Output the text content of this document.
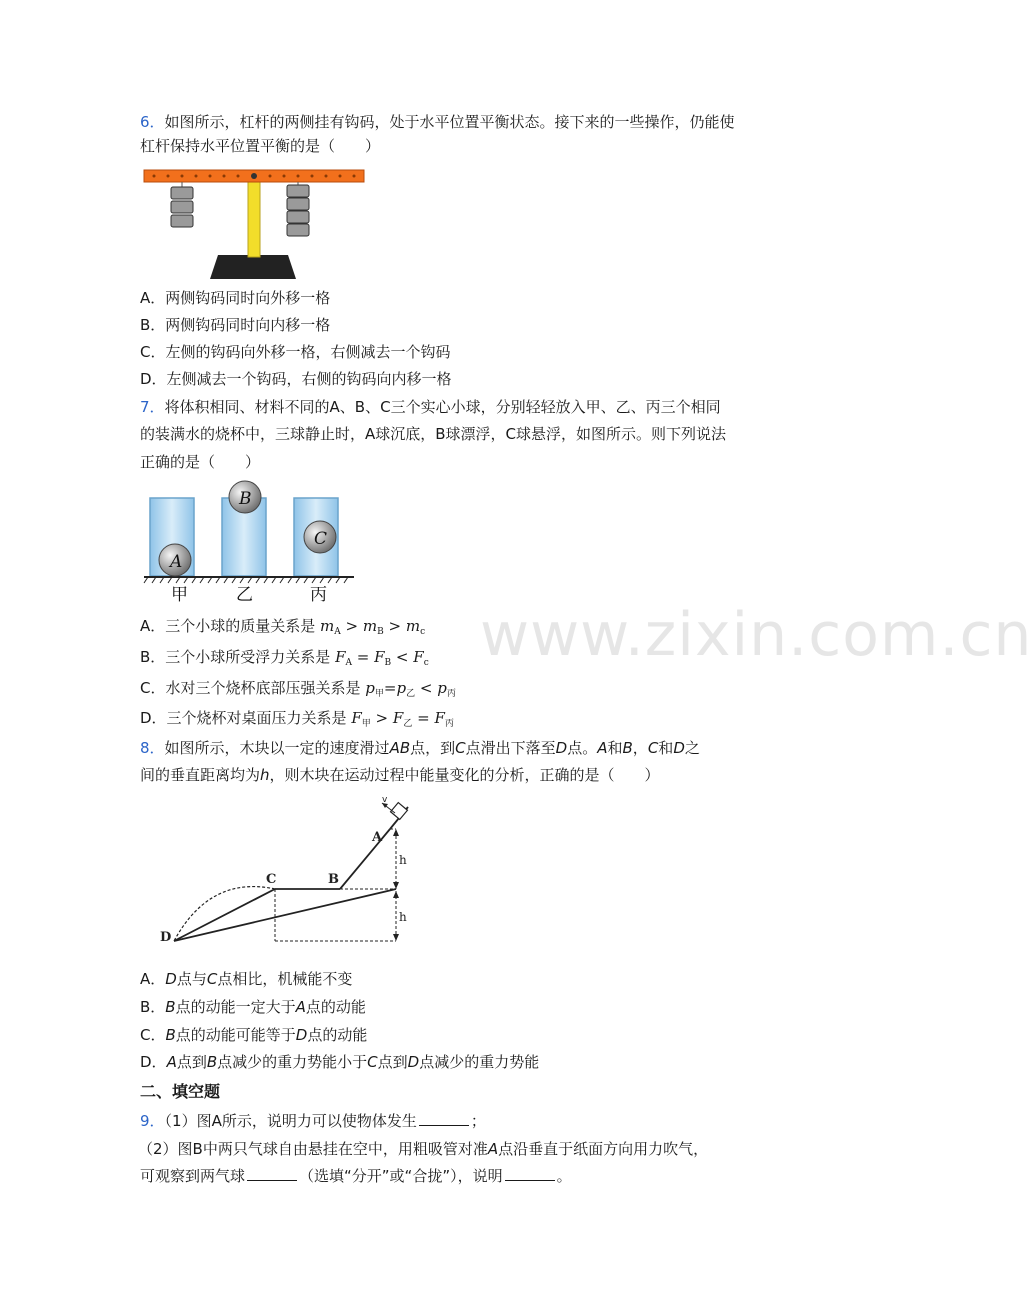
www.zixin.com.cn
6．如图所示，杠杆的两侧挂有钩码，处于水平位置平衡状态。接下来的一些操作，仍能使
杠杆保持水平位置平衡的是（　　）
A．两侧钩码同时向外移一格
B．两侧钩码同时向内移一格
C．左侧的钩码向外移一格，右侧减去一个钩码
D．左侧减去一个钩码，右侧的钩码向内移一格
7．将体积相同、材料不同的A、B、C三个实心小球，分别轻轻放入甲、乙、丙三个相同
的装满水的烧杯中，三球静止时，A球沉底，B球漂浮，C球悬浮，如图所示。则下列说法
正确的是（　　）
A
B
C
甲	乙	丙
A．三个小球的质量关系是 $m_A > m_B > m_c$
B．三个小球所受浮力关系是 $F_A = F_B < F_c$
C．水对三个烧杯底部压强关系是 $p_甲=p_乙 < p_丙$
D．三个烧杯对桌面压力关系是 $F_甲 > F_乙 = F_丙$
8．如图所示，木块以一定的速度滑过AB点，到C点滑出下落至D点。A和B，C和D之
间的垂直距离均为h，则木块在运动过程中能量变化的分析，正确的是（　　）
v
h
h
A
B
C
D
A．D点与C点相比，机械能不变
B．B点的动能一定大于A点的动能
C．B点的动能可能等于D点的动能
D．A点到B点减少的重力势能小于C点到D点减少的重力势能
二、填空题
9．（1）图A所示，说明力可以使物体发生	；
（2）图B中两只气球自由悬挂在空中，用粗吸管对准A点沿垂直于纸面方向用力吹气，
可观察到两气球	（选填“分开”或“合拢”），说明	。
